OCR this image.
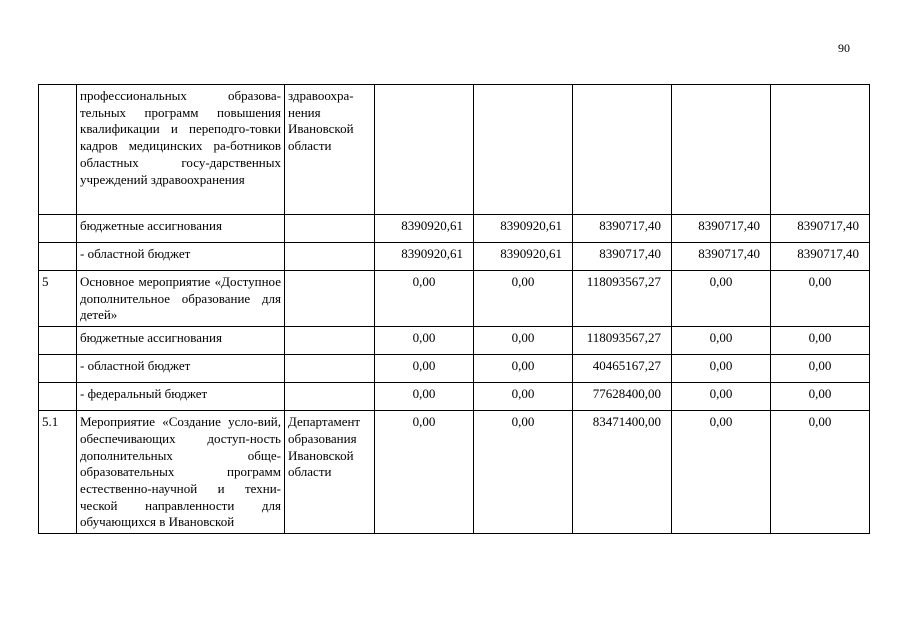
90
	профессиональных образова-тельных программ повышения квалификации и переподго-товки кадров медицинских ра-ботников областных госу-дарственных учреждений здравоохранения	здравоохра-нения Ивановской области					
	бюджетные ассигнования		8390920,61	8390920,61	8390717,40	8390717,40	8390717,40
	- областной бюджет		8390920,61	8390920,61	8390717,40	8390717,40	8390717,40
5	Основное мероприятие «Доступное дополнительное образование для детей»		0,00	0,00	118093567,27	0,00	0,00
	бюджетные ассигнования		0,00	0,00	118093567,27	0,00	0,00
	- областной бюджет		0,00	0,00	40465167,27	0,00	0,00
	- федеральный бюджет		0,00	0,00	77628400,00	0,00	0,00
5.1	Мероприятие «Создание усло-вий, обеспечивающих доступ-ность дополнительных обще-образовательных программ естественно-научной и техни-ческой направленности для обучающихся в Ивановской	Департамент образования Ивановской области	0,00	0,00	83471400,00	0,00	0,00
